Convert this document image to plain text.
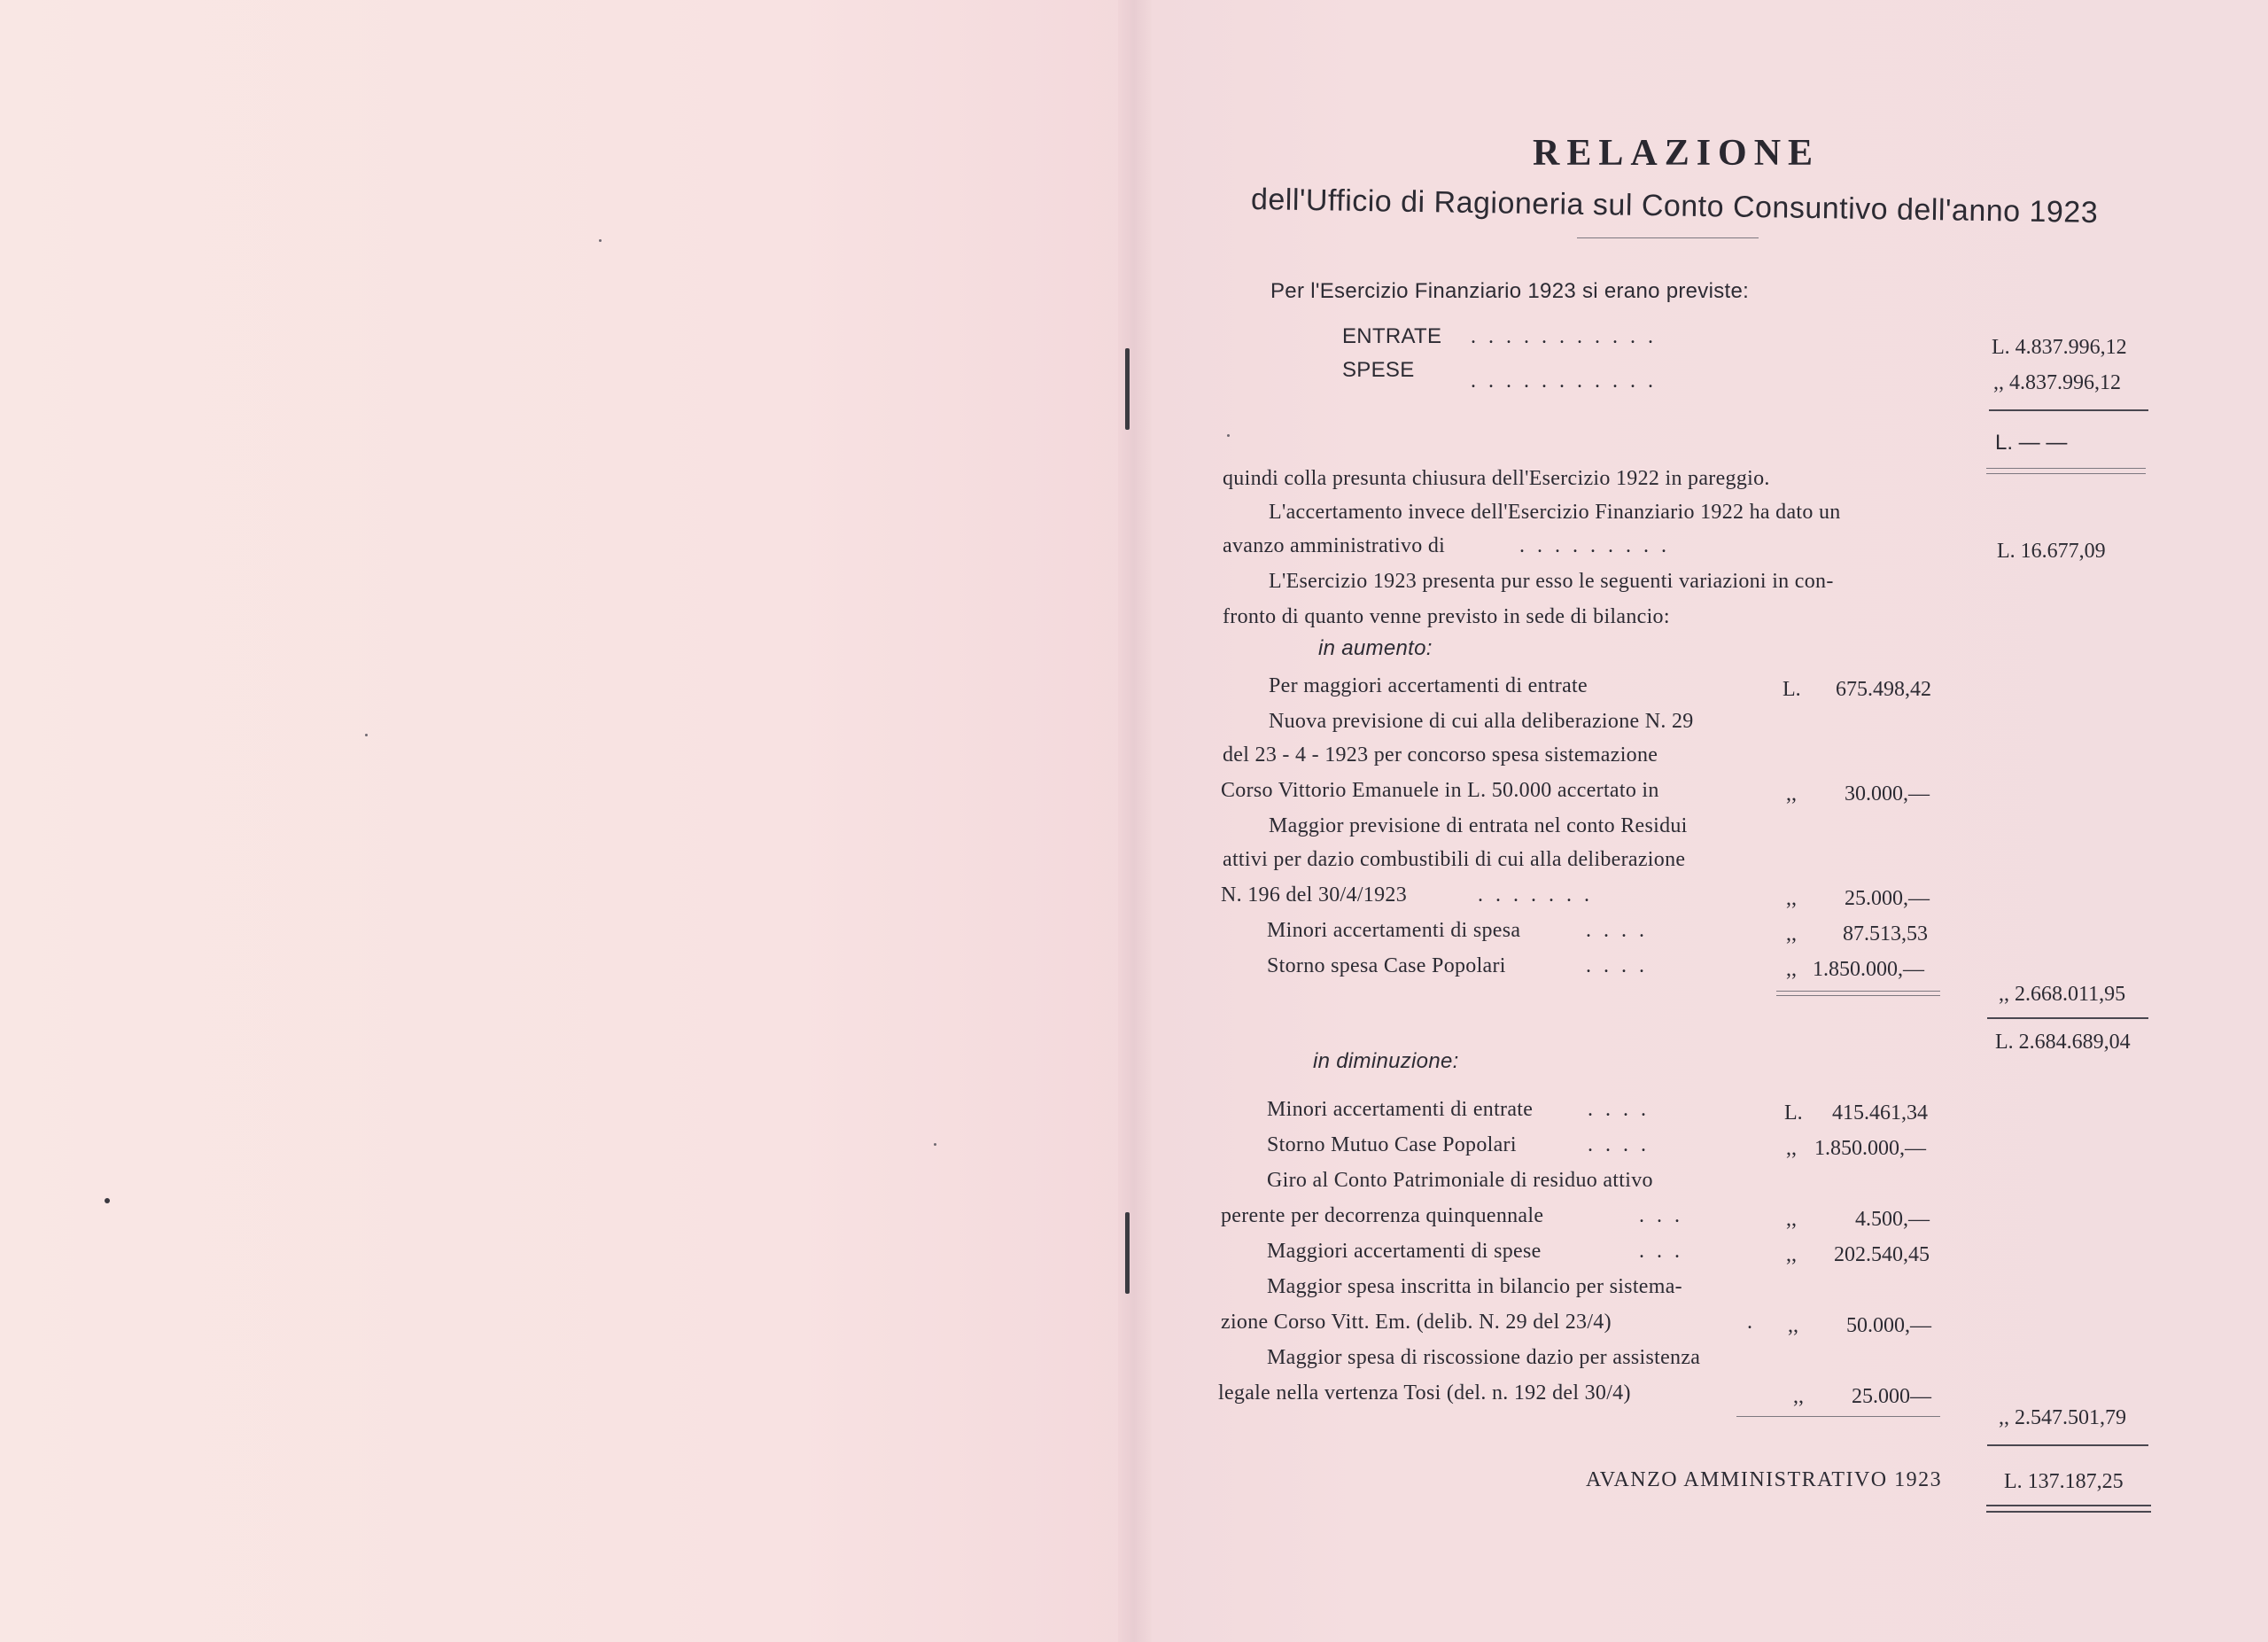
RELAZIONE
dell'Ufficio di Ragioneria sul Conto Consuntivo dell'anno 1923
Per l'Esercizio Finanziario 1923 si erano previste:
ENTRATE ...........	L. 4.837.996,12
SPESE	...........	,, 4.837.996,12
L. — —
quindi colla presunta chiusura dell'Esercizio 1922 in pareggio.
L'accertamento invece dell'Esercizio Finanziario 1922 ha dato un
avanzo amministrativo di	.........	L. 16.677,09
L'Esercizio 1923 presenta pur esso le seguenti variazioni in con-
fronto di quanto venne previsto in sede di bilancio:
in aumento:
Per maggiori accertamenti di entrate	L. 675.498,42
Nuova previsione di cui alla deliberazione N. 29
del 23 - 4 - 1923 per concorso spesa sistemazione
Corso Vittorio Emanuele in L. 50.000 accertato in	,, 30.000,—
Maggior previsione di entrata nel conto Residui
attivi per dazio combustibili di cui alla deliberazione
N. 196 del 30/4/1923	.......	,, 25.000,—
Minori accertamenti di spesa	....	,, 87.513,53
Storno spesa Case Popolari	....	,, 1.850.000,—
,, 2.668.011,95
L. 2.684.689,04
in diminuzione:
Minori accertamenti di entrate	....	L. 415.461,34
Storno Mutuo Case Popolari	....	,, 1.850.000,—
Giro al Conto Patrimoniale di residuo attivo
perente per decorrenza quinquennale	...	,,	4.500,—
Maggiori accertamenti di spese	...	,, 202.540,45
Maggior spesa inscritta in bilancio per sistema-
zione Corso Vitt. Em. (delib. N. 29 del 23/4)	. ,, 50.000,—
Maggior spesa di riscossione dazio per assistenza
legale nella vertenza Tosi (del. n. 192 del 30/4)	,, 25.000—
,, 2.547.501,79
AVANZO AMMINISTRATIVO 1923	L. 137.187,25
